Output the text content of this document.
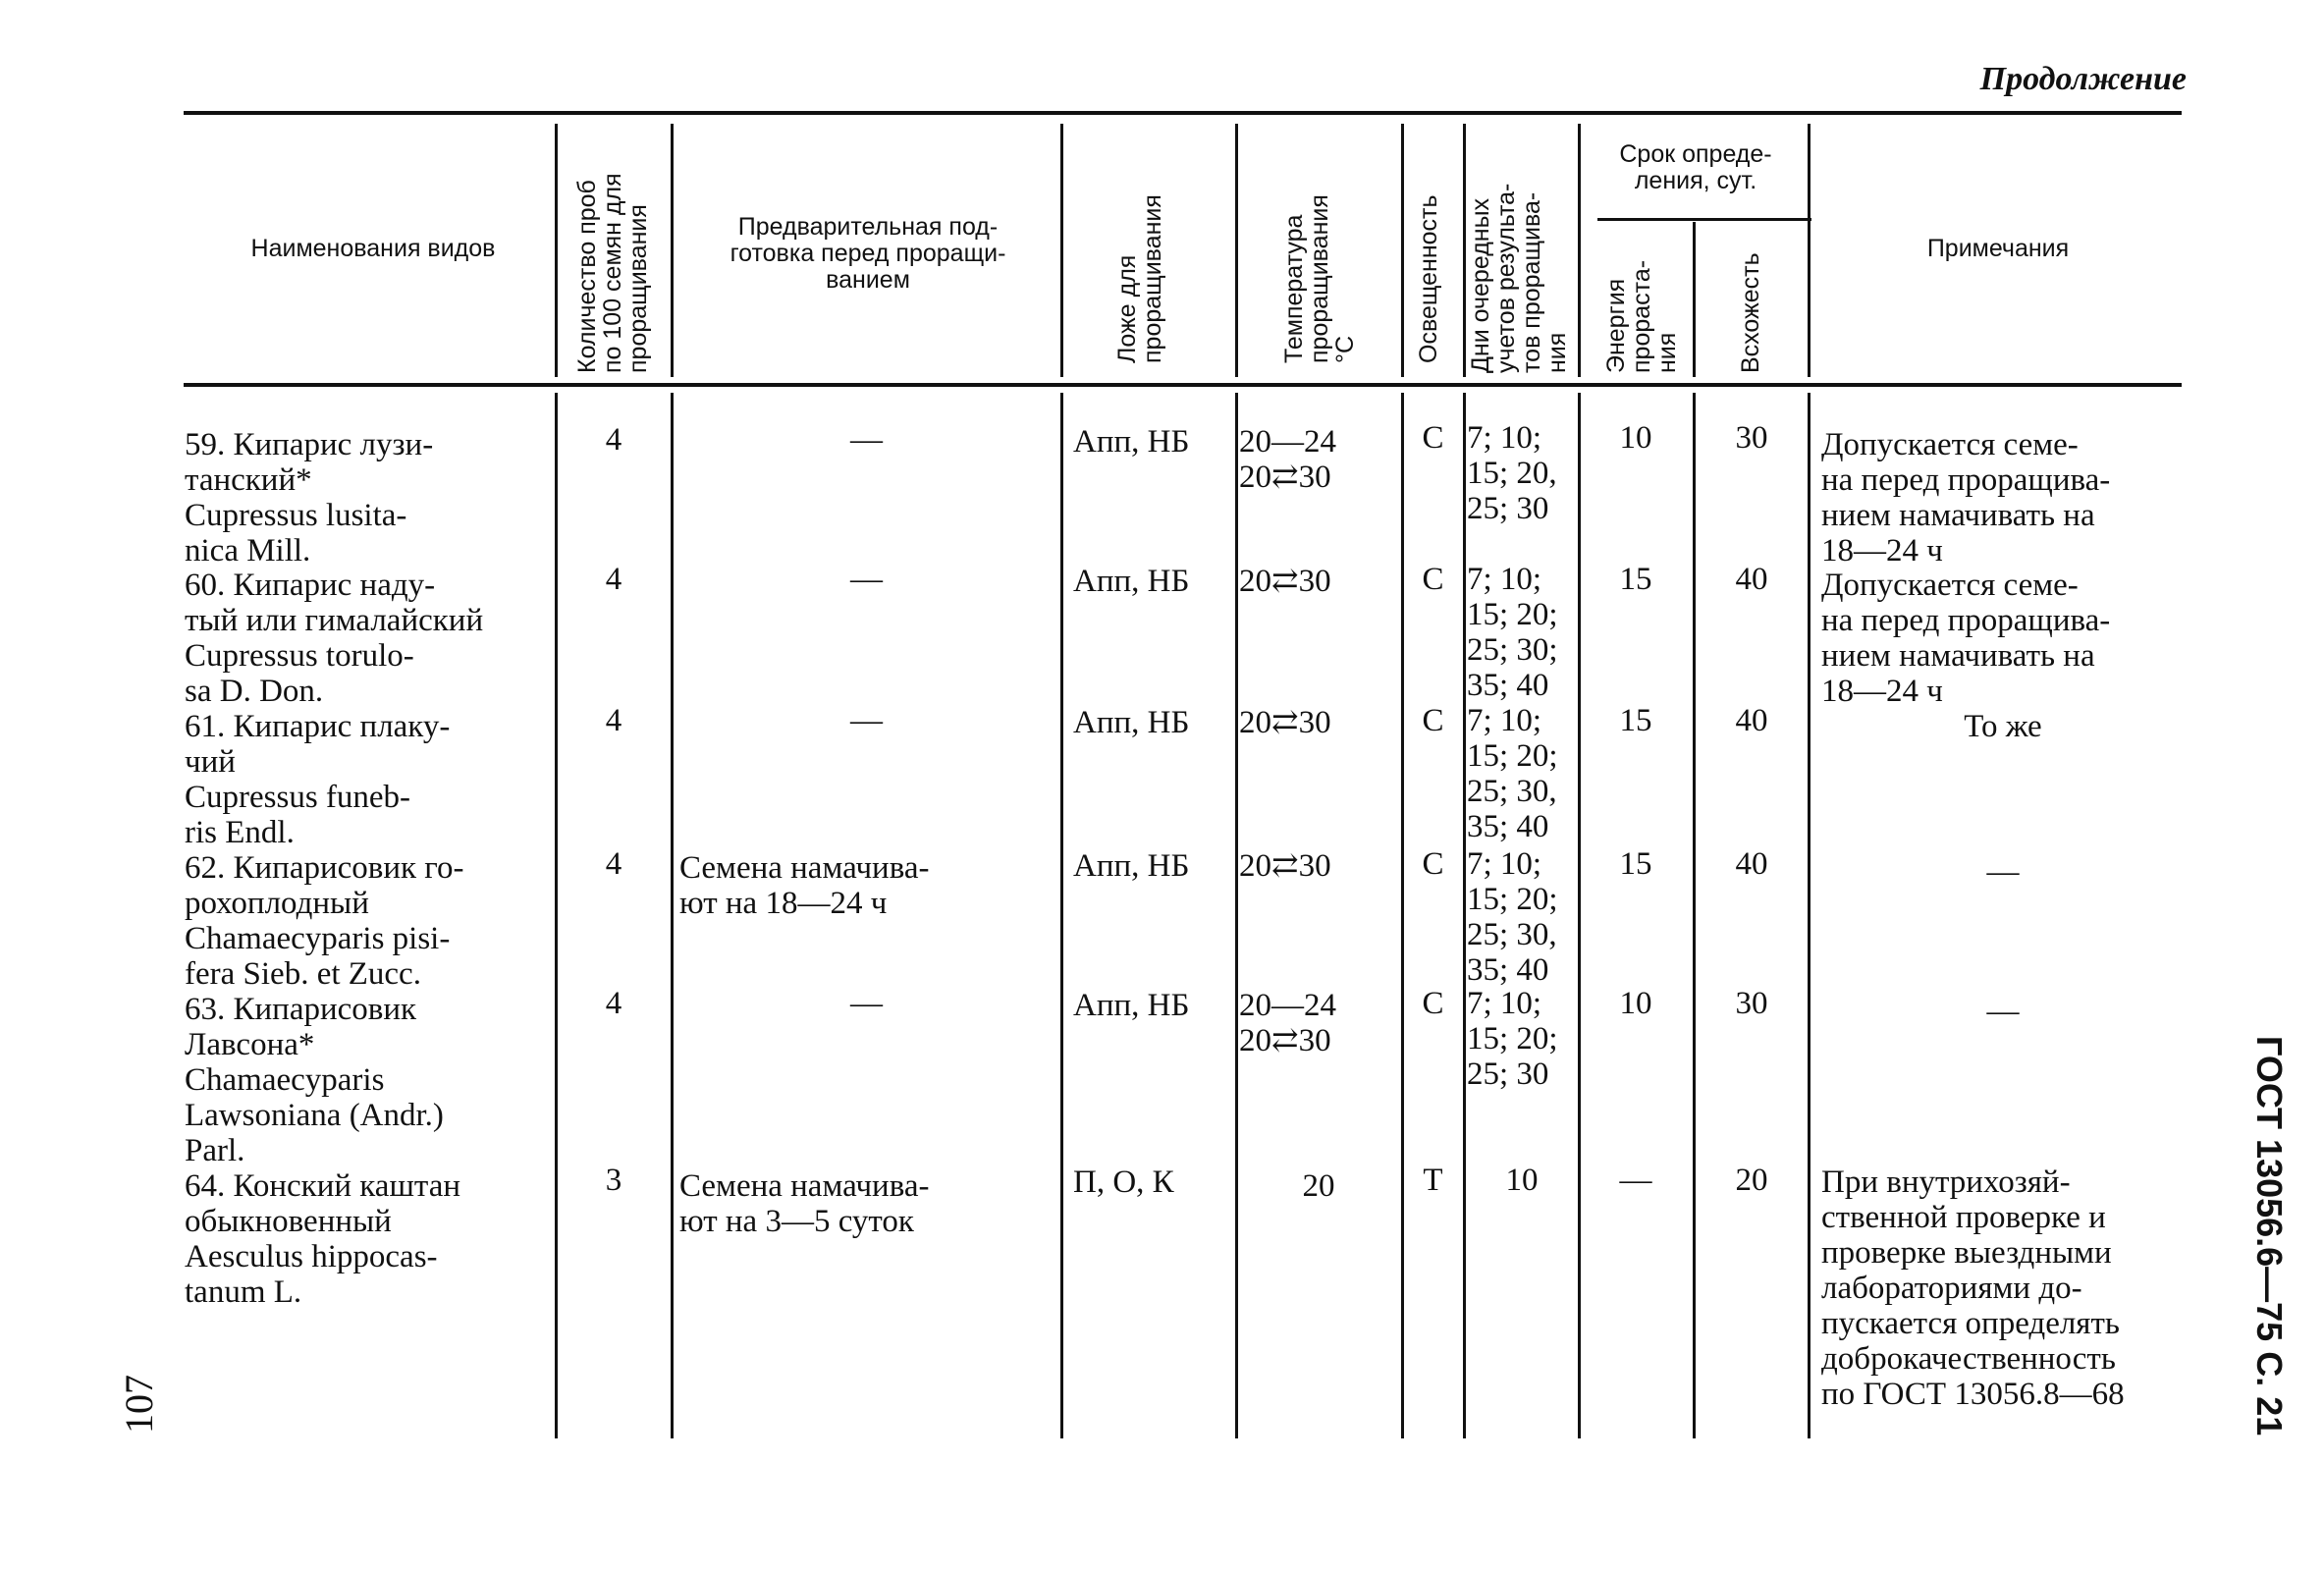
Продолжение
Наименования видов	Количество проб
по 100 семян для
проращивания	Предварительная под-
готовка перед проращи-
ванием
Ложе для
проращивания	Температура
проращивания
°С	Освещенность	Дни очередных
учетов результа-
тов проращива-
ния
Срок опреде-
ления, сут.
Энергия
прораста-
ния	Всхожесть
Примечания
59. Кипарис лузи-
танский*
Cupressus lusita-
nica Mill.
4	—	Апп, НБ	20—24
20⇄30
С 7; 10;
15; 20,
25; 30
10	30	Допускается семе-
на перед проращива-
нием намачивать на
18—24 ч
60. Кипарис наду-
тый или гималайский
Cupressus torulo-
sa D. Don.
4	—	Апп, НБ	20⇄30	С 7; 10;
15; 20;
25; 30;
35; 40
15	40	Допускается семе-
на перед проращива-
нием намачивать на
18—24 ч
61. Кипарис плаку-
чий
Cupressus funeb-
ris Endl.
4	—	Апп, НБ	20⇄30	С 7; 10;
15; 20;
25; 30,
35; 40
15	40	То же
62. Кипарисовик го-
рохоплодный
Chamaecyparis pisi-
fera Sieb. et Zucc.
4	Семена намачива-
ют на 18—24 ч
Апп, НБ	20⇄30	С 7; 10;
15; 20;
25; 30,
35; 40
15	40	—
63. Кипарисовик
Лавсона*
Chamaecyparis
Lawsoniana (Andr.)
Parl.
4	—	Апп, НБ	20—24
20⇄30
С 7; 10;
15; 20;
25; 30
10	30	—
64. Конский каштан
обыкновенный
Aesculus hippocas-
tanum L.
3	Семена намачива-
ют на 3—5 суток
П, О, К	20	Т	10	—	20	При внутрихозяй-
ственной проверке и
проверке выездными
лабораториями до-
пускается определять
доброкачественность
по ГОСТ 13056.8—68	ГОСТ 13056.6—75 С. 21
107
